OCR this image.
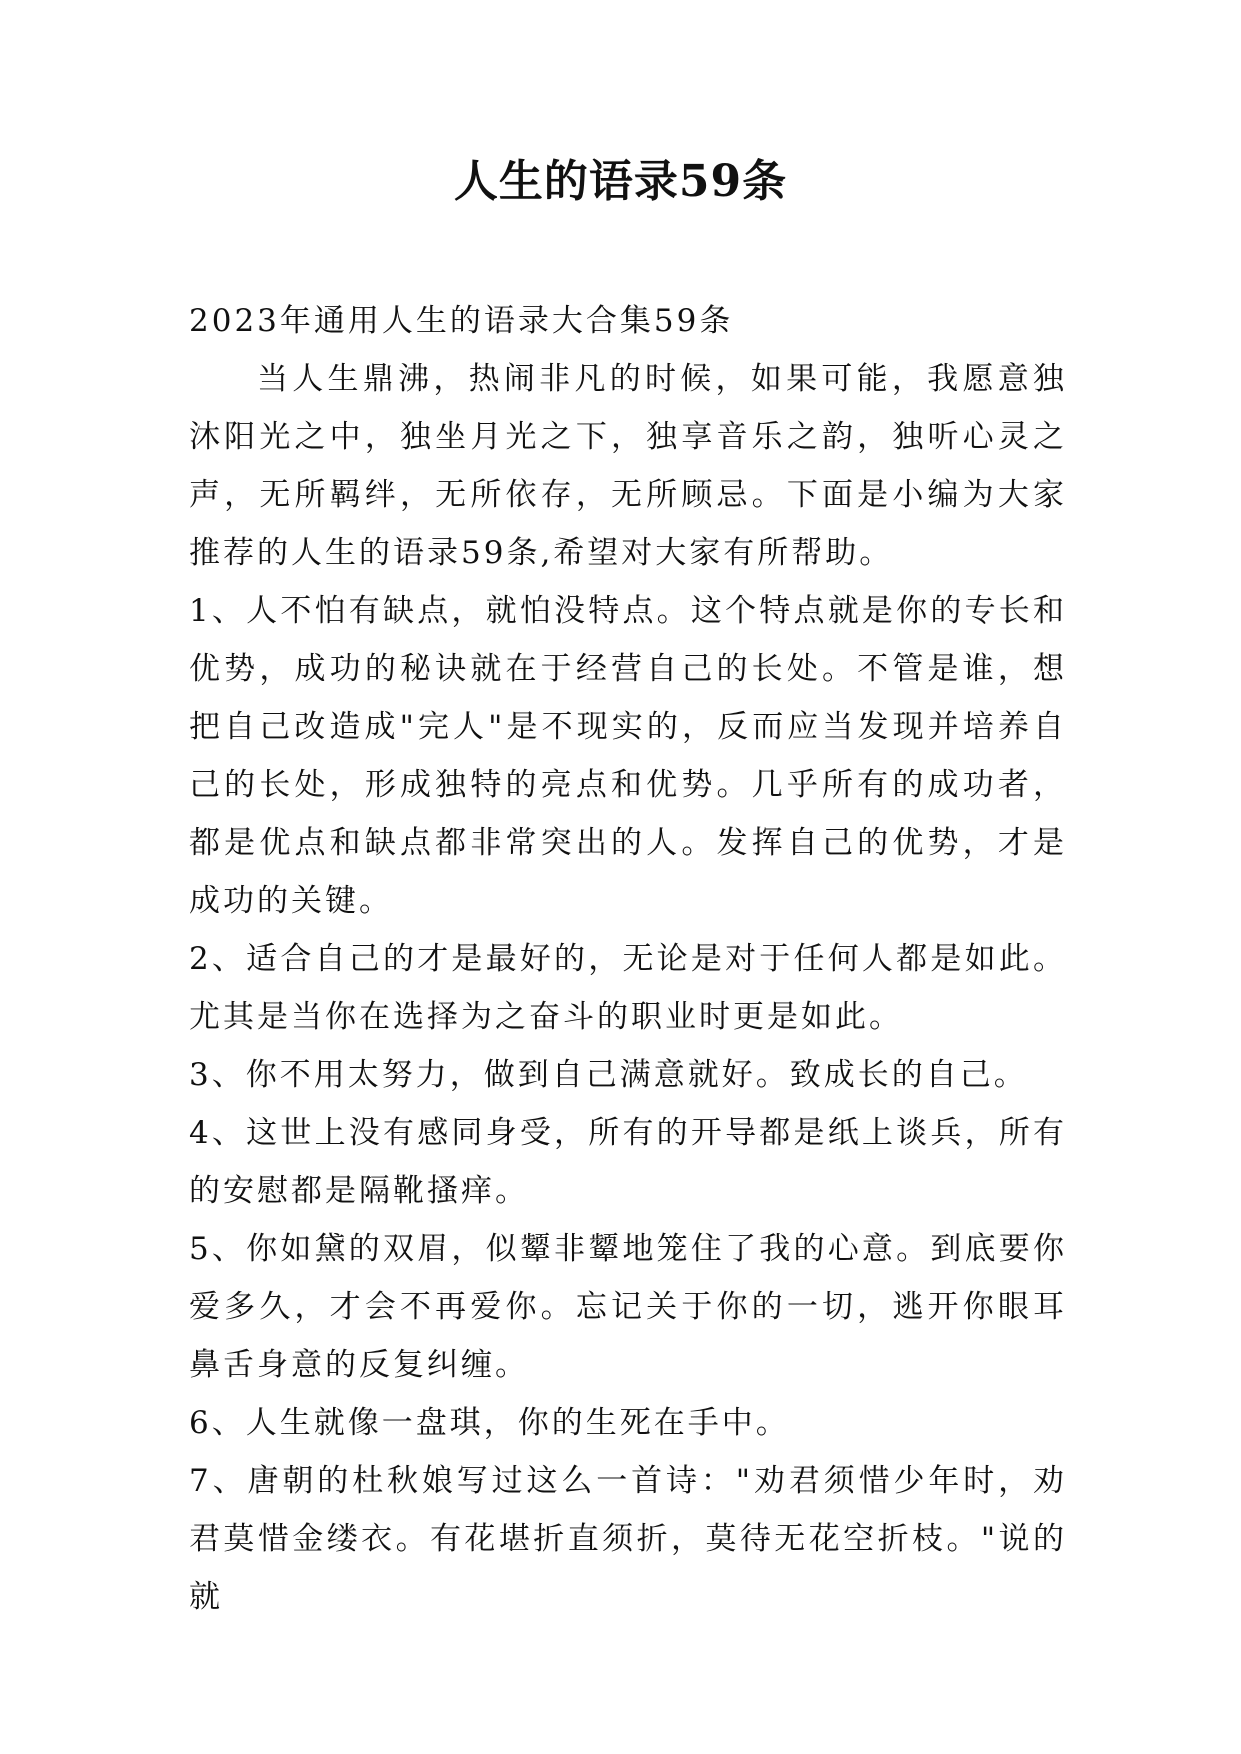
人生的语录59条

2023年通用人生的语录大合集59条

当人生鼎沸，热闹非凡的时候，如果可能，我愿意独沐阳光之中，独坐月光之下，独享音乐之韵，独听心灵之声，无所羁绊，无所依存，无所顾忌。下面是小编为大家推荐的人生的语录59条,希望对大家有所帮助。

1、人不怕有缺点，就怕没特点。这个特点就是你的专长和优势，成功的秘诀就在于经营自己的长处。不管是谁，想把自己改造成"完人"是不现实的，反而应当发现并培养自己的长处，形成独特的亮点和优势。几乎所有的成功者，都是优点和缺点都非常突出的人。发挥自己的优势，才是成功的关键。

2、适合自己的才是最好的，无论是对于任何人都是如此。尤其是当你在选择为之奋斗的职业时更是如此。

3、你不用太努力，做到自己满意就好。致成长的自己。

4、这世上没有感同身受，所有的开导都是纸上谈兵，所有的安慰都是隔靴搔痒。

5、你如黛的双眉，似颦非颦地笼住了我的心意。到底要你爱多久，才会不再爱你。忘记关于你的一切，逃开你眼耳鼻舌身意的反复纠缠。

6、人生就像一盘琪，你的生死在手中。

7、唐朝的杜秋娘写过这么一首诗："劝君须惜少年时，劝君莫惜金缕衣。有花堪折直须折，莫待无花空折枝。"说的就
